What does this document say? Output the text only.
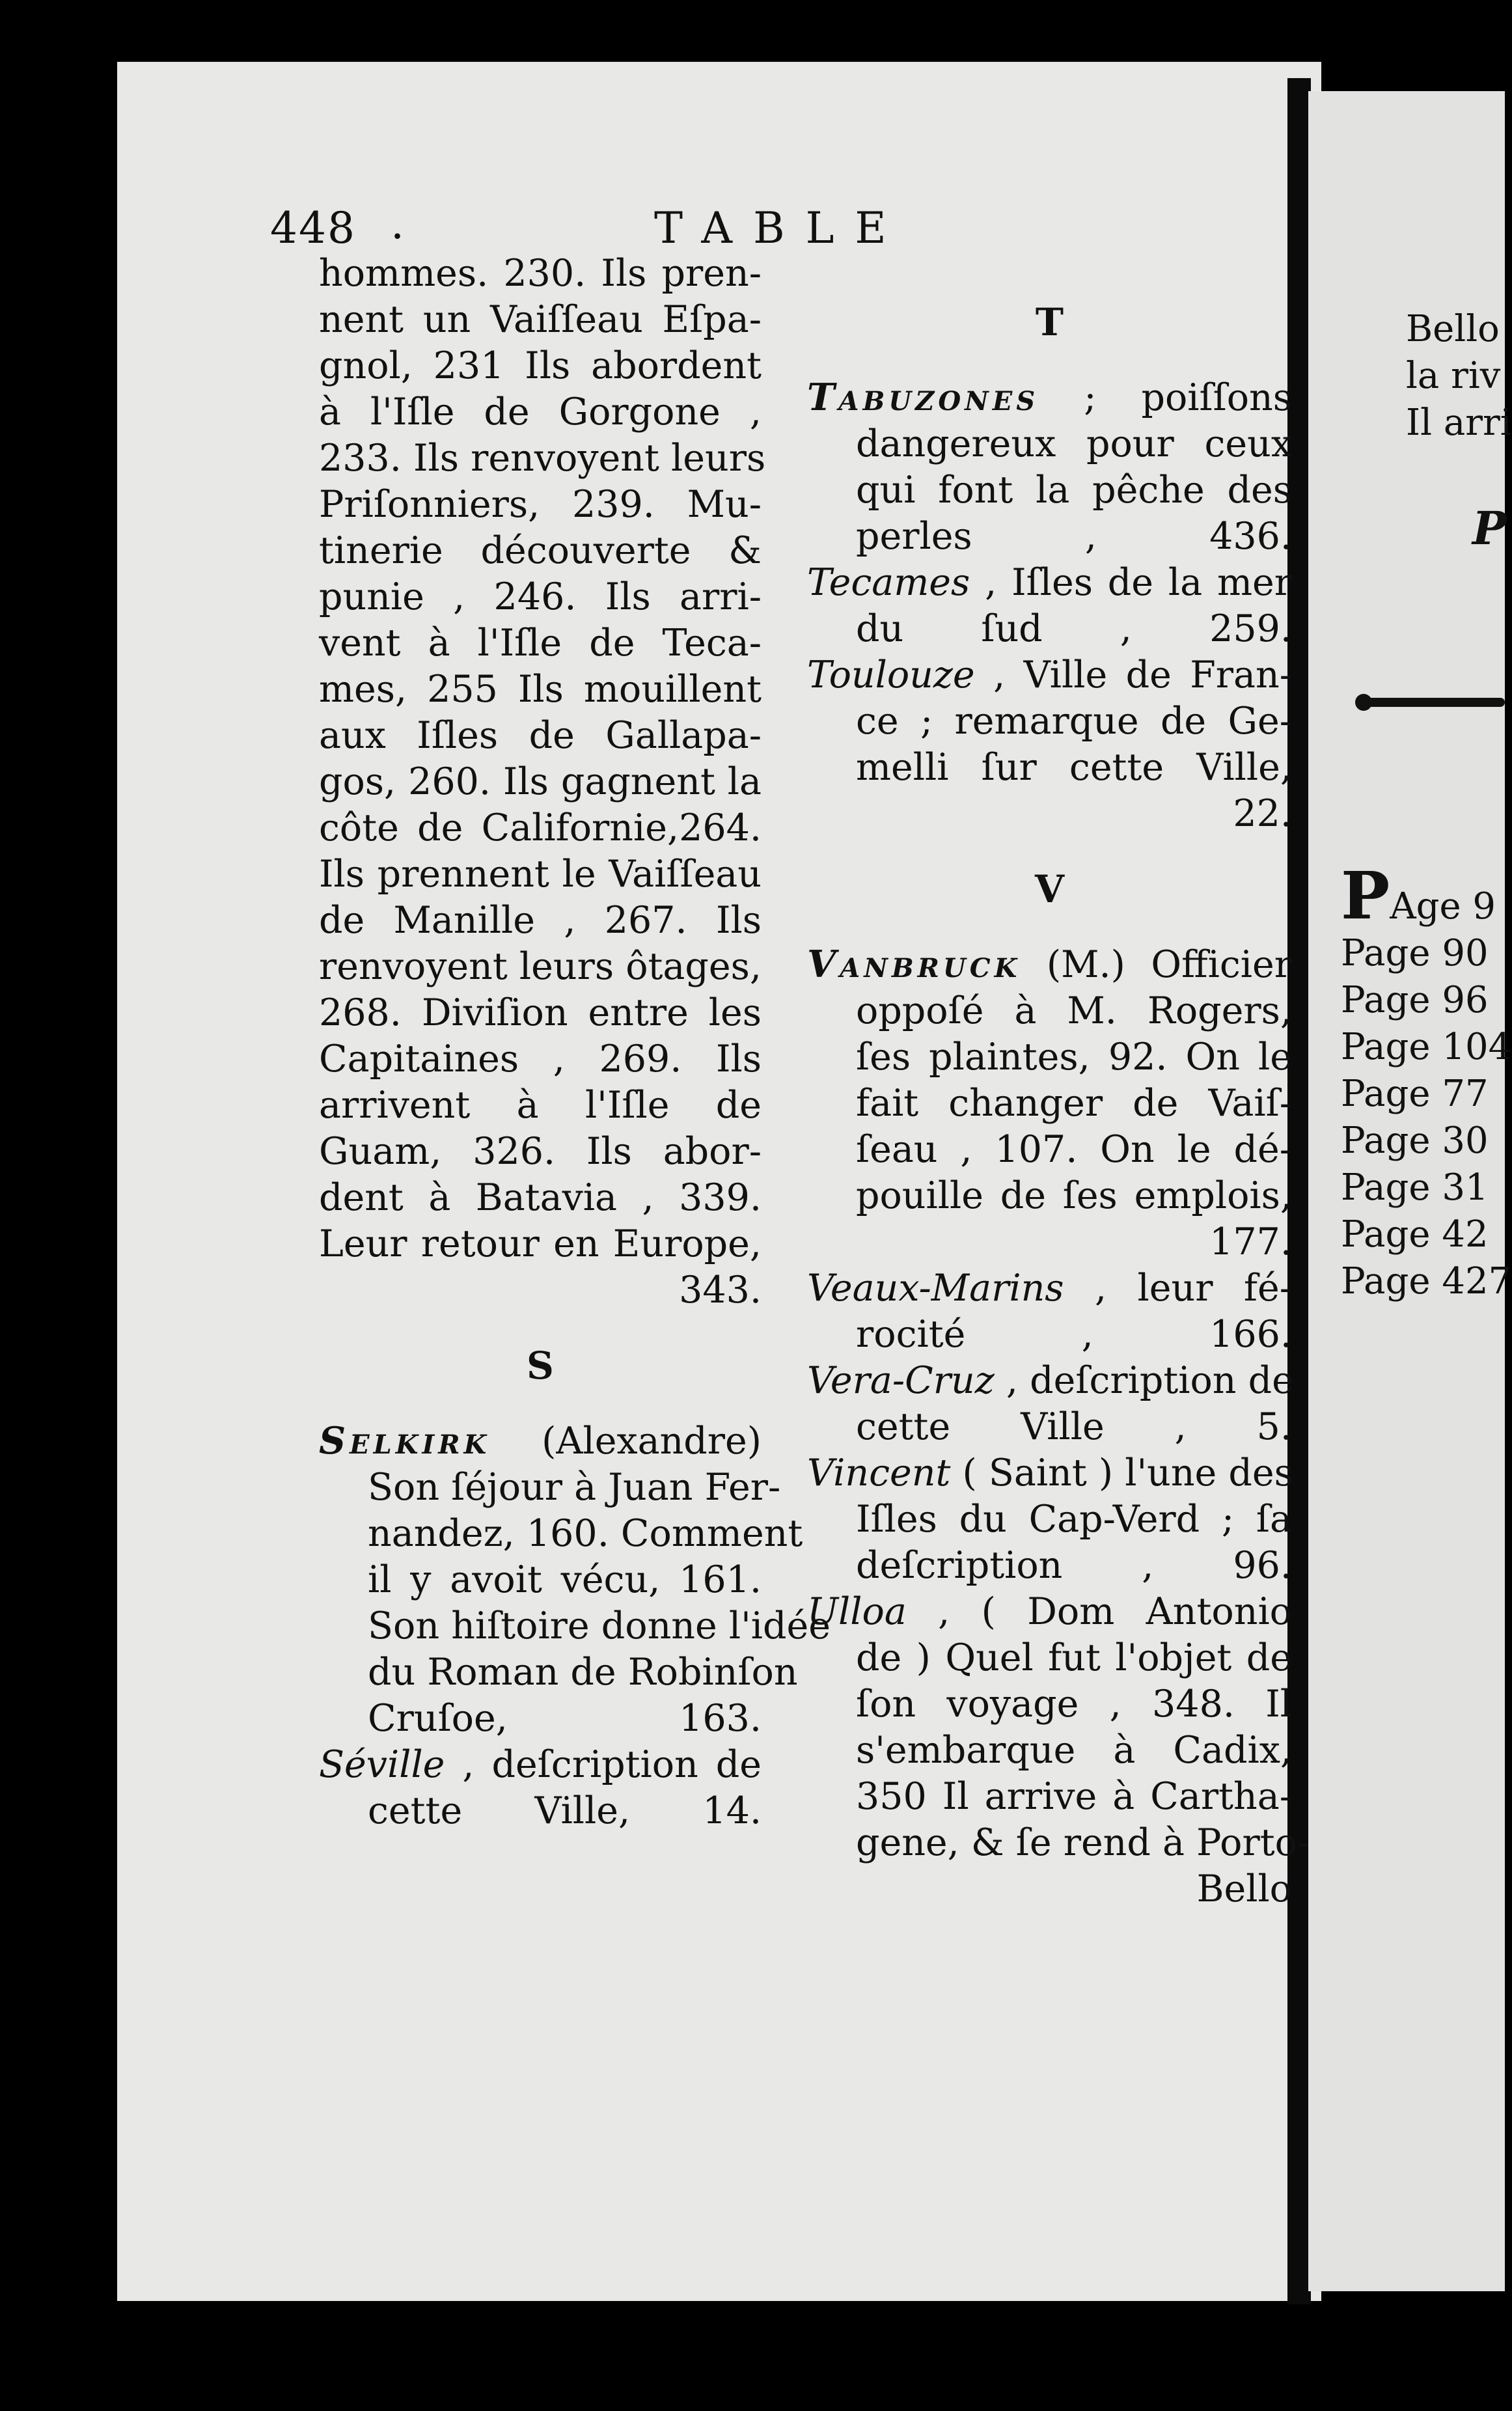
448 .	TABLE
hommes. 230. Ils pren-
nent un Vaiſſeau Eſpa-
gnol, 231 Ils abordent
à l'Iſle de Gorgone ,
233. Ils renvoyent leurs
Priſonniers, 239. Mu-
tinerie découverte &
punie , 246. Ils arri-
vent à l'Iſle de Teca-
mes, 255 Ils mouillent
aux Iſles de Gallapa-
gos, 260. Ils gagnent la
côte de Californie,264.
Ils prennent le Vaiſſeau
de Manille , 267. Ils
renvoyent leurs ôtages,
268. Diviſion entre les
Capitaines , 269. Ils
arrivent à l'Iſle de
Guam, 326. Ils abor-
dent à Batavia , 339.
Leur retour en Europe,
343.
S
Selkirk (Alexandre)
Son ſéjour à Juan Fer-
nandez, 160. Comment
il y avoit vécu, 161.
Son hiſtoire donne l'idée
du Roman de Robinſon
Cruſoe,	163.
Séville , deſcription de
cette Ville, 14.
T
Tabuzones ; poiſſons
dangereux pour ceux
qui font la pêche des
perles ,	436.
Tecames , Iſles de la mer
du ſud , 259.
Toulouze , Ville de Fran-
ce ; remarque de Ge-
melli ſur cette Ville,
22.
V
Vanbruck (M.) Officier
oppoſé à M. Rogers,
ſes plaintes, 92. On le
fait changer de Vaiſ-
ſeau , 107. On le dé-
pouille de ſes emplois,
177.
Veaux-Marins , leur fé-
rocité ,	166.
Vera-Cruz , deſcription de
cette Ville , 5.
Vincent ( Saint ) l'une des
Iſles du Cap-Verd ; ſa
deſcription , 96.
Ulloa , ( Dom Antonio
de ) Quel fut l'objet de
ſon voyage , 348. Il
s'embarque à Cadix,
350 Il arrive à Cartha-
gene, & ſe rend à Porto-
Bello
Bello
la riv
Il arri
P
PAge 9
Page 90
Page 96
Page 104
Page 77
Page 30
Page 31
Page 42
Page 427
